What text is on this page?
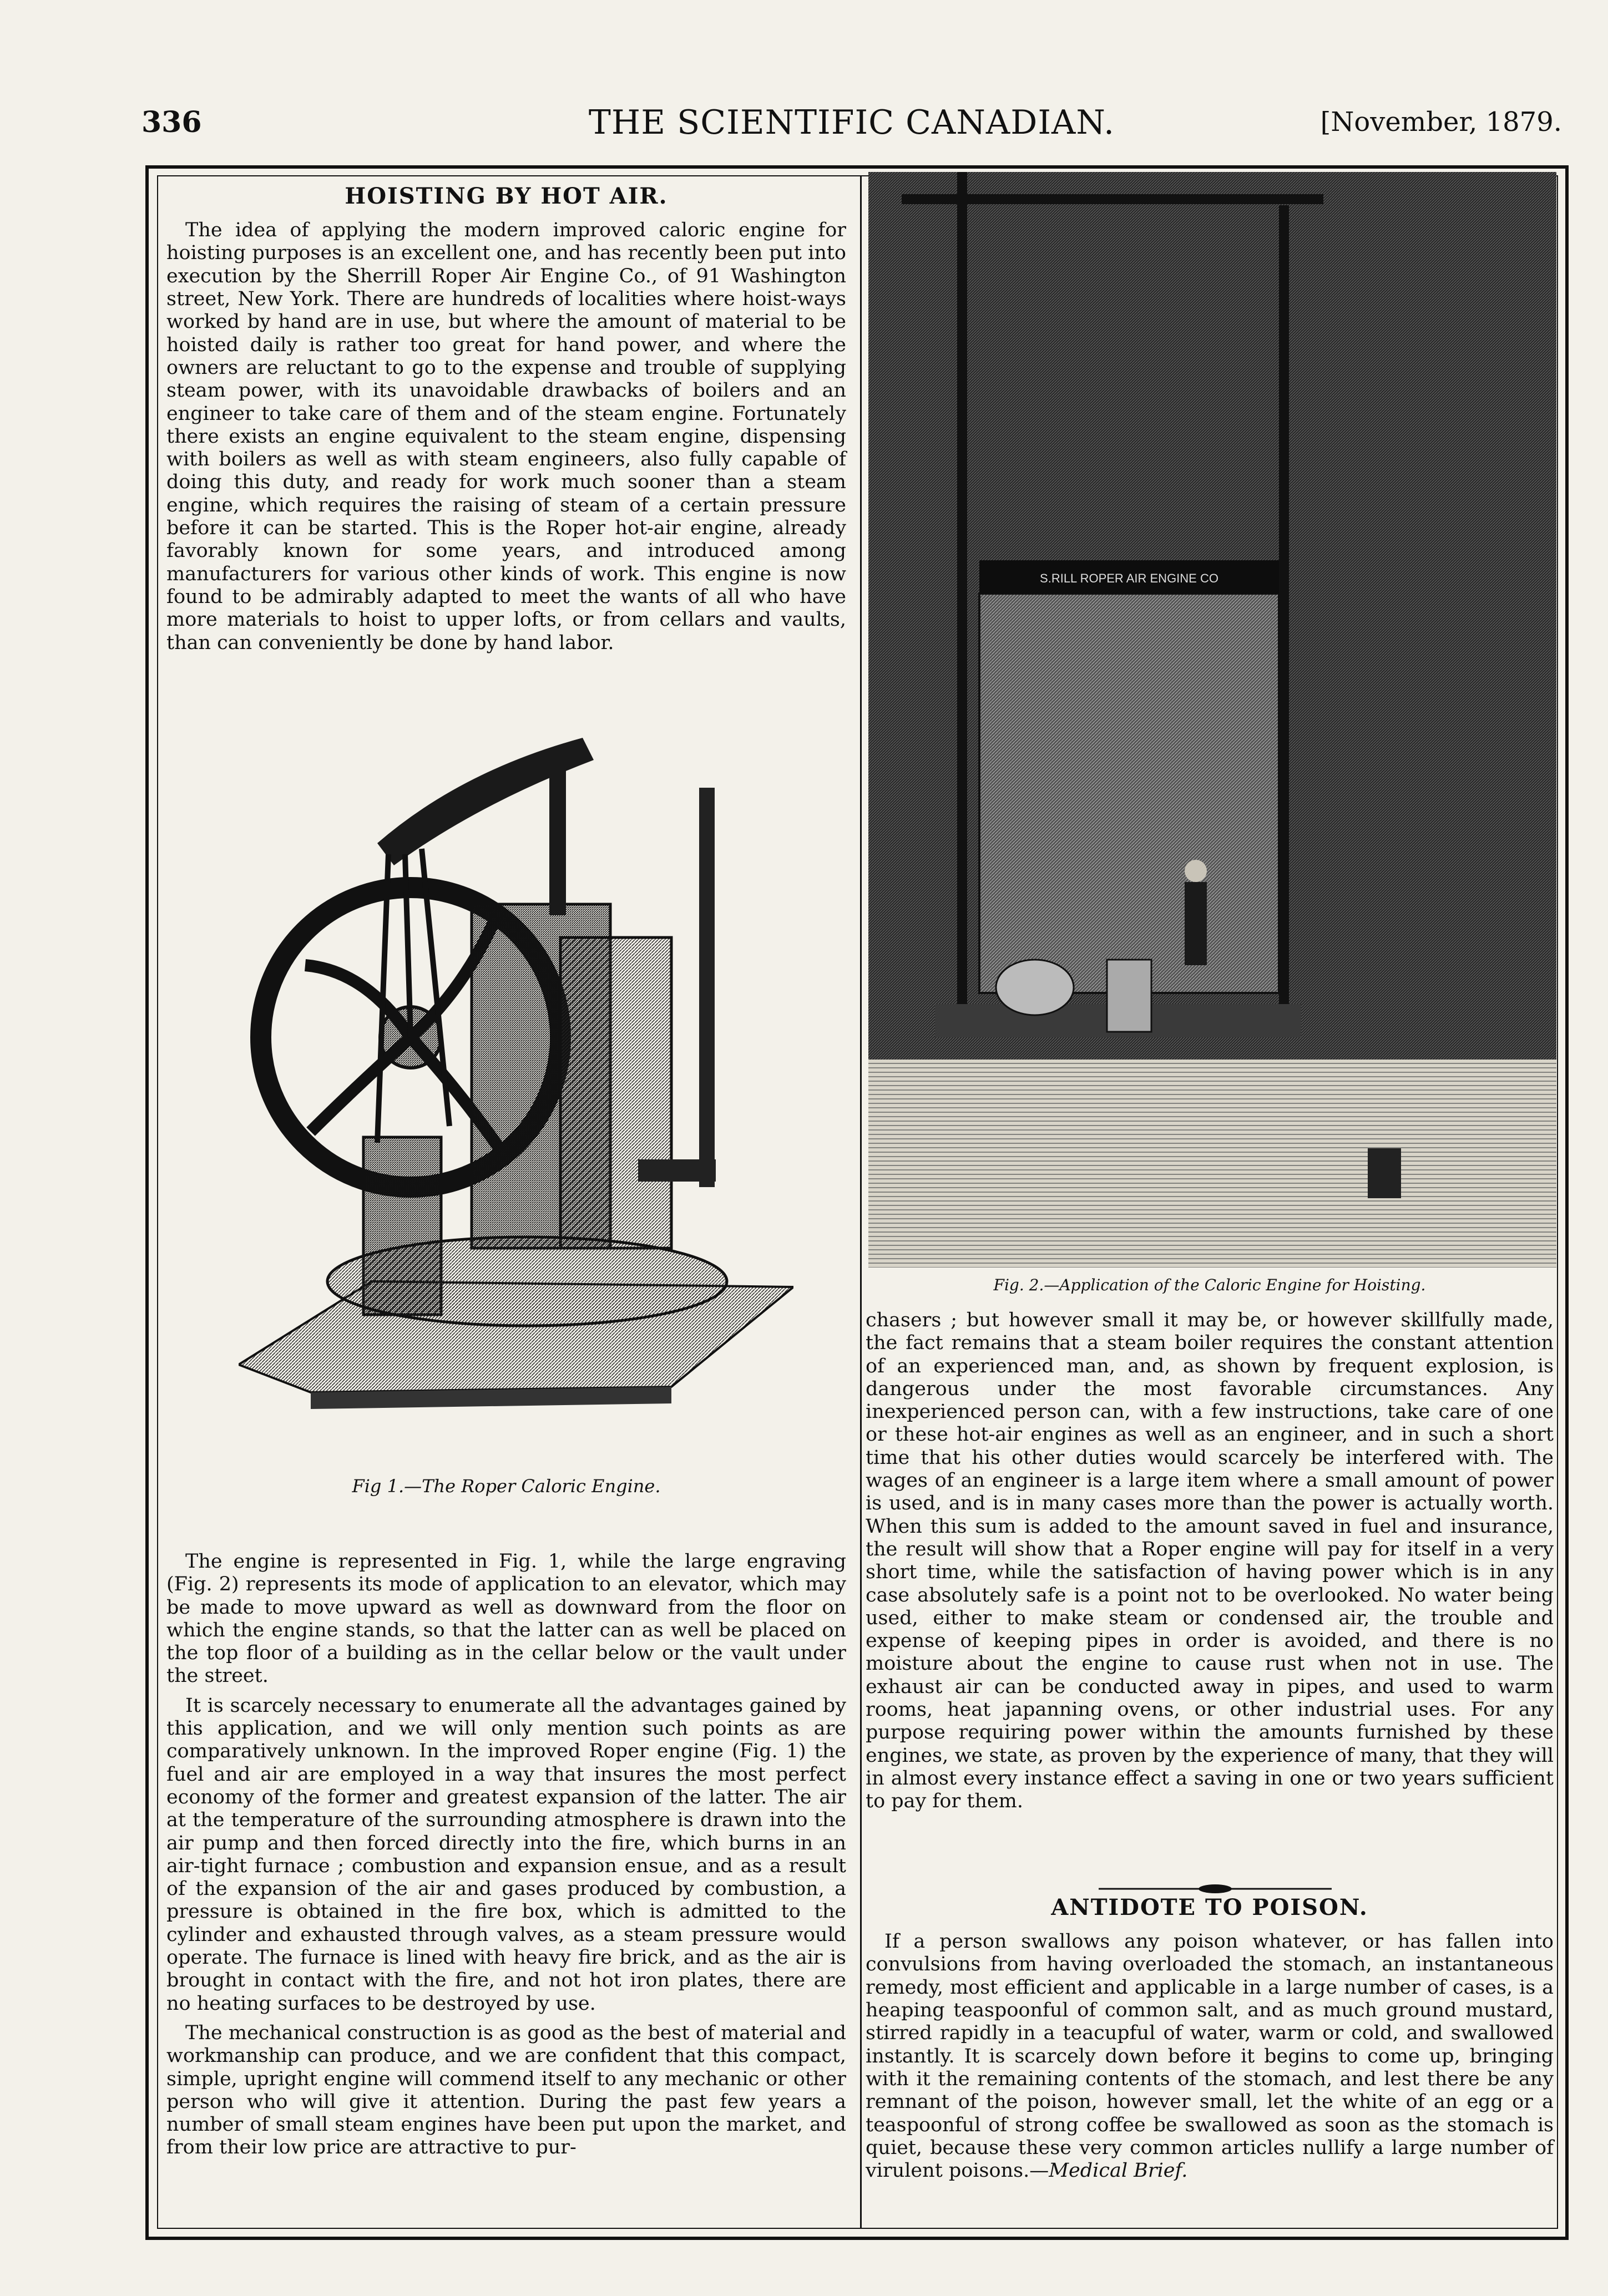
336	THE SCIENTIFIC CANADIAN.	[November, 1879.
HOISTING BY HOT AIR.

The idea of applying the modern improved caloric engine for hoisting purposes is an excellent one, and has recently been put into execution by the Sherrill Roper Air Engine Co., of 91 Washington street, New York. There are hundreds of localities where hoist-ways worked by hand are in use, but where the amount of material to be hoisted daily is rather too great for hand power, and where the owners are reluctant to go to the expense and trouble of supplying steam power, with its unavoidable drawbacks of boilers and an engineer to take care of them and of the steam engine. Fortunately there exists an engine equivalent to the steam engine, dispensing with boilers as well as with steam engineers, also fully capable of doing this duty, and ready for work much sooner than a steam engine, which requires the raising of steam of a certain pressure before it can be started. This is the Roper hot-air engine, already favorably known for some years, and introduced among manufacturers for various other kinds of work. This engine is now found to be admirably adapted to meet the wants of all who have more materials to hoist to upper lofts, or from cellars and vaults, than can conveniently be done by hand labor.

Fig 1.—The Roper Caloric Engine.

The engine is represented in Fig. 1, while the large engraving (Fig. 2) represents its mode of application to an elevator, which may be made to move upward as well as downward from the floor on which the engine stands, so that the latter can as well be placed on the top floor of a building as in the cellar below or the vault under the street.

It is scarcely necessary to enumerate all the advantages gained by this application, and we will only mention such points as are comparatively unknown. In the improved Roper engine (Fig. 1) the fuel and air are employed in a way that insures the most perfect economy of the former and greatest expansion of the latter. The air at the temperature of the surrounding atmosphere is drawn into the air pump and then forced directly into the fire, which burns in an air-tight furnace ; combustion and expansion ensue, and as a result of the expansion of the air and gases produced by combustion, a pressure is obtained in the fire box, which is admitted to the cylinder and exhausted through valves, as a steam pressure would operate. The furnace is lined with heavy fire brick, and as the air is brought in contact with the fire, and not hot iron plates, there are no heating surfaces to be destroyed by use.

The mechanical construction is as good as the best of material and workmanship can produce, and we are confident that this compact, simple, upright engine will commend itself to any mechanic or other person who will give it attention. During the past few years a number of small steam engines have been put upon the market, and from their low price are attractive to pur-

S.RILL ROPER AIR ENGINE CO
Fig. 2.—Application of the Caloric Engine for Hoisting.

chasers ; but however small it may be, or however skillfully made, the fact remains that a steam boiler requires the constant attention of an experienced man, and, as shown by frequent explosion, is dangerous under the most favorable circumstances. Any inexperienced person can, with a few instructions, take care of one or these hot-air engines as well as an engineer, and in such a short time that his other duties would scarcely be interfered with. The wages of an engineer is a large item where a small amount of power is used, and is in many cases more than the power is actually worth. When this sum is added to the amount saved in fuel and insurance, the result will show that a Roper engine will pay for itself in a very short time, while the satisfaction of having power which is in any case absolutely safe is a point not to be overlooked. No water being used, either to make steam or condensed air, the trouble and expense of keeping pipes in order is avoided, and there is no moisture about the engine to cause rust when not in use. The exhaust air can be conducted away in pipes, and used to warm rooms, heat japanning ovens, or other industrial uses. For any purpose requiring power within the amounts furnished by these engines, we state, as proven by the experience of many, that they will in almost every instance effect a saving in one or two years sufficient to pay for them.

ANTIDOTE TO POISON.

If a person swallows any poison whatever, or has fallen into convulsions from having overloaded the stomach, an instantaneous remedy, most efficient and applicable in a large number of cases, is a heaping teaspoonful of common salt, and as much ground mustard, stirred rapidly in a teacupful of water, warm or cold, and swallowed instantly. It is scarcely down before it begins to come up, bringing with it the remaining contents of the stomach, and lest there be any remnant of the poison, however small, let the white of an egg or a teaspoonful of strong coffee be swallowed as soon as the stomach is quiet, because these very common articles nullify a large number of virulent poisons.—Medical Brief.
